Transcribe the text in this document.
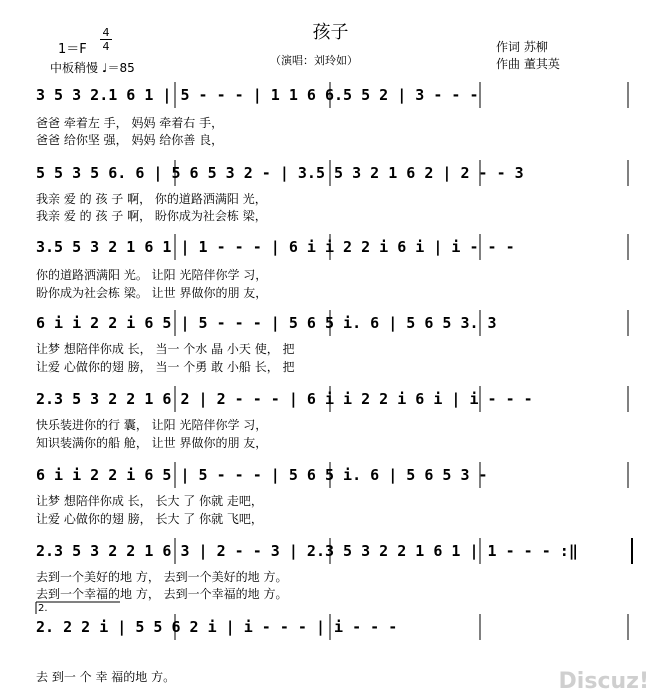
孩子
1＝F
4
4
中板稍慢 ♩＝85
（演唱：刘玲如）
作词 苏柳
作曲 董其英
3 5 3 2.1 6 1 | 5 - - - | 1 1 6 6.5 5 2 | 3 - - -
爸爸 牵着左 手， 妈妈 牵着右 手，
爸爸 给你坚 强， 妈妈 给你善 良，
5 5 3 5 6. 6 | 5 6 5 3 2 - | 3.5 5 3 2 1 6 2 | 2 - - 3
我亲 爱 的 孩 子 啊， 你的道路洒满阳 光，
我亲 爱 的 孩 子 啊， 盼你成为社会栋 梁，
3.5 5 3 2 1 6 1 | 1 - - - | 6 i i 2 2 i 6 i | i - - -
你的道路洒满阳 光。 让阳 光陪伴你学 习，
盼你成为社会栋 梁。 让世 界做你的朋 友，
6 i i 2 2 i 6 5 | 5 - - - | 5 6 5 i. 6 | 5 6 5 3. 3
让梦 想陪伴你成 长， 当一 个水 晶 小天 使， 把
让爱 心做你的翅 膀， 当一 个勇 敢 小船 长， 把
2.3 5 3 2 2 1 6 2 | 2 - - - | 6 i i 2 2 i 6 i | i - - -
快乐装进你的行 囊， 让阳 光陪伴你学 习，
知识装满你的船 舱， 让世 界做你的朋 友，
6 i i 2 2 i 6 5 | 5 - - - | 5 6 5 i. 6 | 5 6 5 3 -
让梦 想陪伴你成 长， 长大 了 你就 走吧，
让爱 心做你的翅 膀， 长大 了 你就 飞吧，
2.3 5 3 2 2 1 6 3 | 2 - - 3 | 2.3 5 3 2 2 1 6 1 | 1 - - - :‖
去到一个美好的地 方， 去到一个美好的地 方。
去到一个幸福的地 方， 去到一个幸福的地 方。
2.
2. 2 2 i | 5 5 6 2 i | i - - - | i - - -
去 到一 个 幸 福的地 方。	Discuz!
